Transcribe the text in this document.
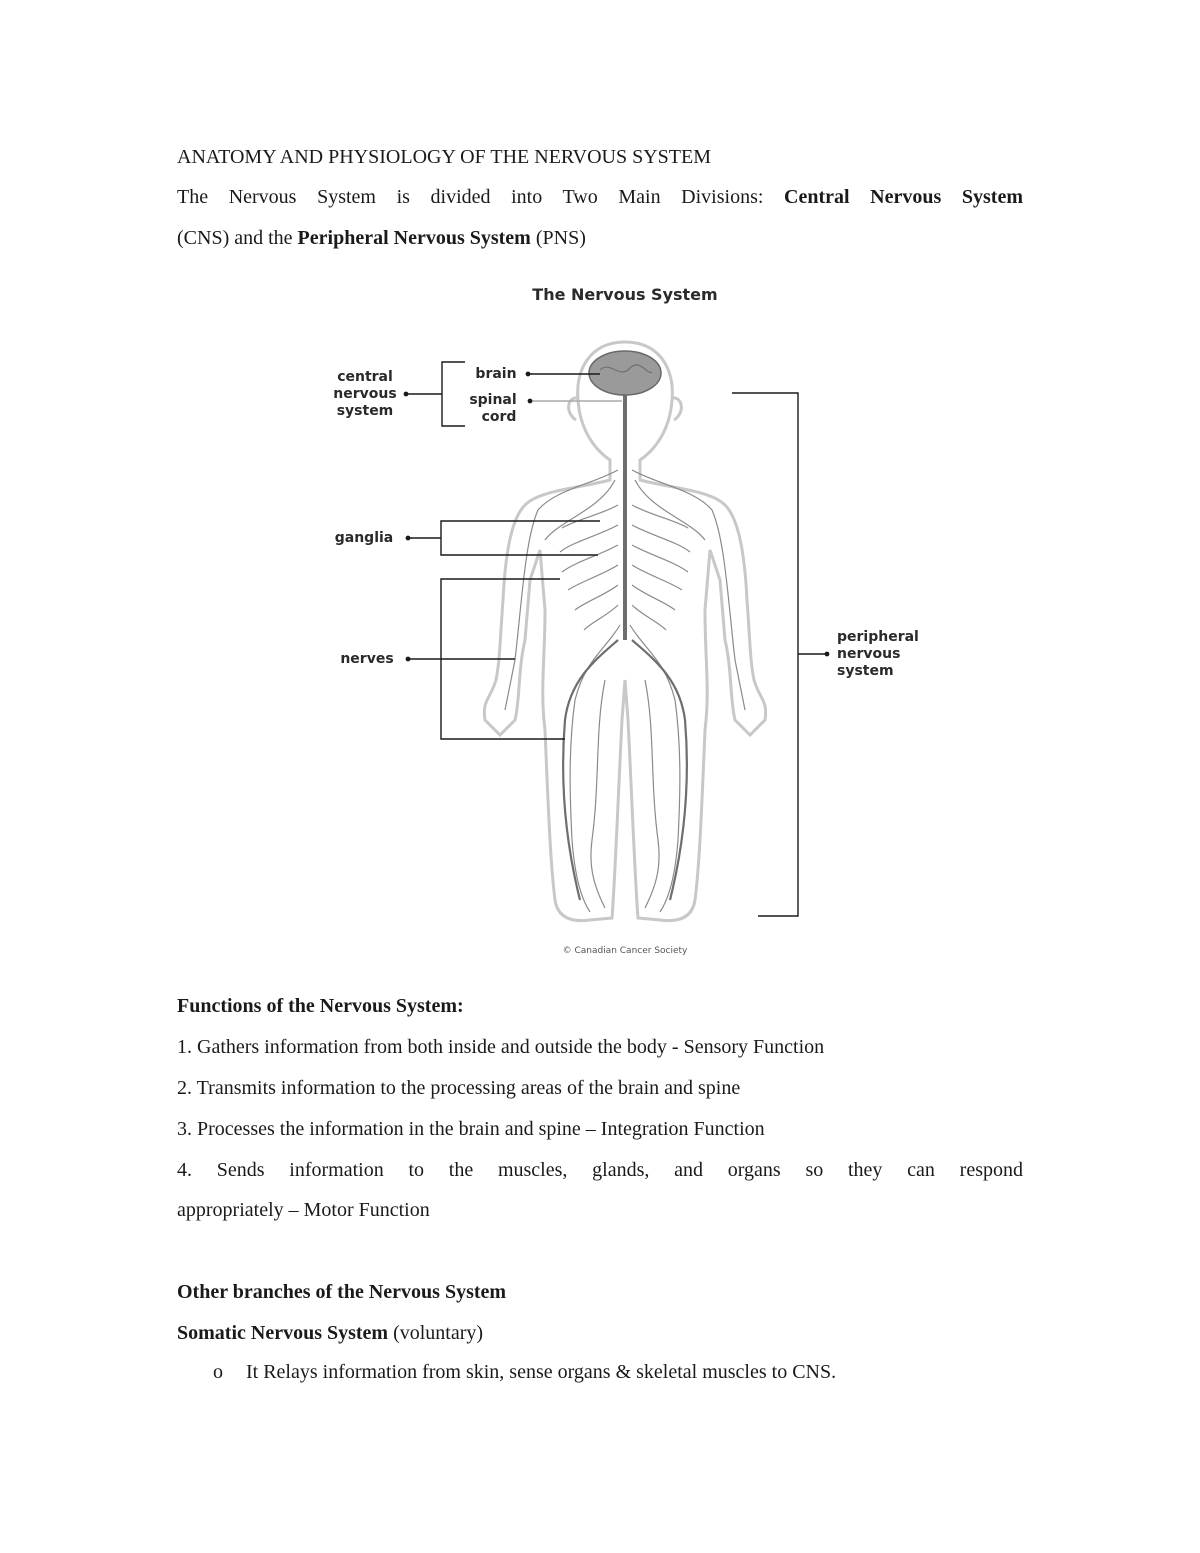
ANATOMY AND PHYSIOLOGY OF THE NERVOUS SYSTEM

The Nervous System is divided into Two Main Divisions: Central Nervous System

(CNS) and the Peripheral Nervous System (PNS)

The Nervous System
central
nervous
system
brain
spinal
cord
ganglia
nerves
peripheral
nervous
system
© Canadian Cancer Society

Functions of the Nervous System:

1. Gathers information from both inside and outside the body - Sensory Function

2. Transmits information to the processing areas of the brain and spine

3. Processes the information in the brain and spine – Integration Function

4. Sends information to the muscles, glands, and organs so they can respond

appropriately – Motor Function

Other branches of the Nervous System

Somatic Nervous System (voluntary)

o It Relays information from skin, sense organs & skeletal muscles to CNS.
